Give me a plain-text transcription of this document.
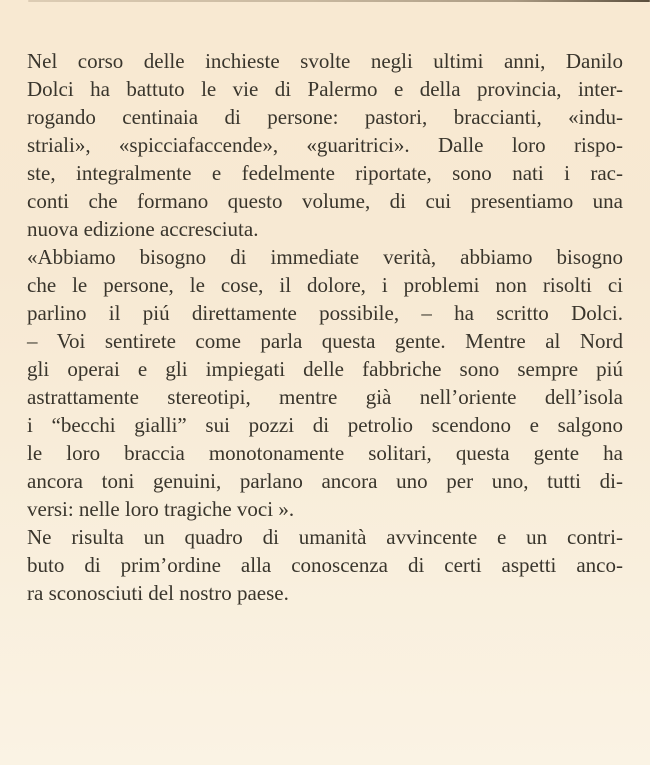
Nel corso delle inchieste svolte negli ultimi anni, Danilo
Dolci ha battuto le vie di Palermo e della provincia, inter-
rogando centinaia di persone: pastori, braccianti, «indu-
striali», «spicciafaccende», «guaritrici». Dalle loro rispo-
ste, integralmente e fedelmente riportate, sono nati i rac-
conti che formano questo volume, di cui presentiamo una
nuova edizione accresciuta.
«Abbiamo bisogno di immediate verità, abbiamo bisogno
che le persone, le cose, il dolore, i problemi non risolti ci
parlino il piú direttamente possibile, – ha scritto Dolci.
– Voi sentirete come parla questa gente. Mentre al Nord
gli operai e gli impiegati delle fabbriche sono sempre piú
astrattamente stereotipi, mentre già nell’oriente dell’isola
i “becchi gialli” sui pozzi di petrolio scendono e salgono
le loro braccia monotonamente solitari, questa gente ha
ancora toni genuini, parlano ancora uno per uno, tutti di-
versi: nelle loro tragiche voci ».
Ne risulta un quadro di umanità avvincente e un contri-
buto di prim’ordine alla conoscenza di certi aspetti anco-
ra sconosciuti del nostro paese.
